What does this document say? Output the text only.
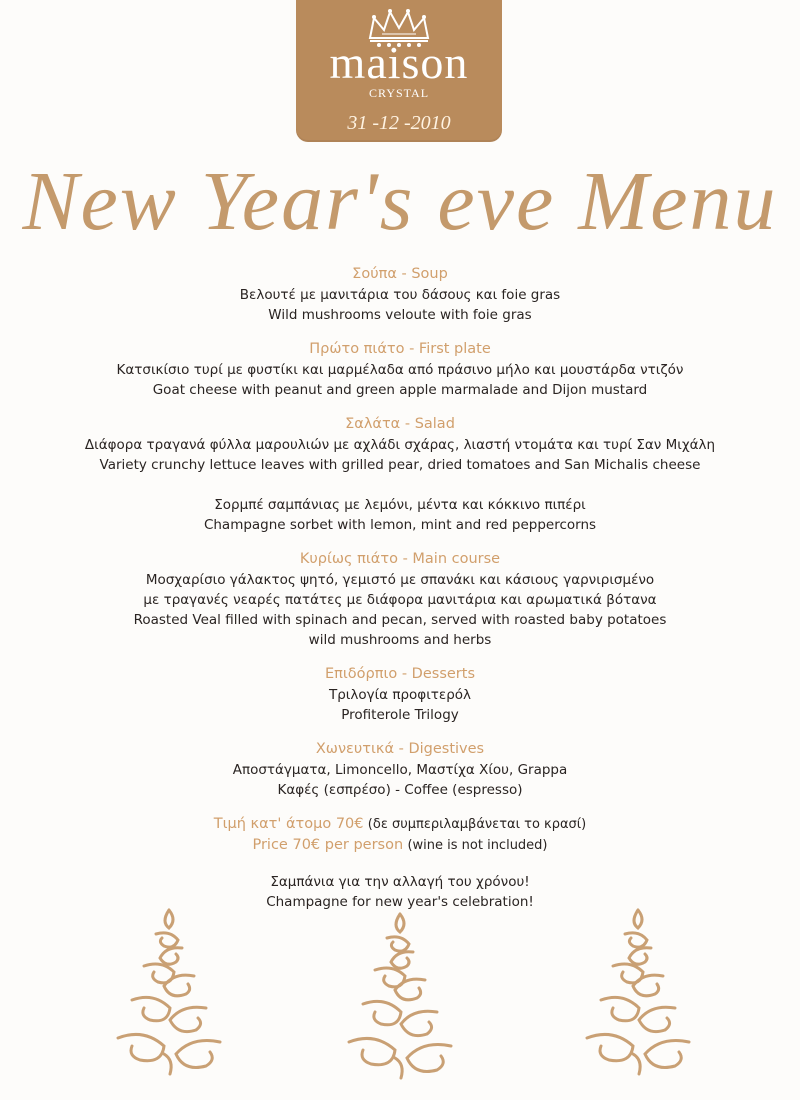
maison
CRYSTAL
31 -12 -2010
New Year's eve Menu
Σούπα - Soup
Βελουτέ με μανιτάρια του δάσους και foie gras
Wild mushrooms veloute with foie gras
Πρώτο πιάτο - First plate
Κατσικίσιο τυρί με φυστίκι και μαρμέλαδα από πράσινο μήλο και μουστάρδα ντιζόν
Goat cheese with peanut and green apple marmalade and Dijon mustard
Σαλάτα - Salad
Διάφορα τραγανά φύλλα μαρουλιών με αχλάδι σχάρας, λιαστή ντομάτα και τυρί Σαν Μιχάλη
Variety crunchy lettuce leaves with grilled pear, dried tomatoes and San Michalis cheese
Σορμπέ σαμπάνιας με λεμόνι, μέντα και κόκκινο πιπέρι
Champagne sorbet with lemon, mint and red peppercorns
Κυρίως πιάτο - Main course
Μοσχαρίσιο γάλακτος ψητό, γεμιστό με σπανάκι και κάσιους γαρνιρισμένο
με τραγανές νεαρές πατάτες με διάφορα μανιτάρια και αρωματικά βότανα
Roasted Veal filled with spinach and pecan, served with roasted baby potatoes
wild mushrooms and herbs
Επιδόρπιο - Desserts
Τριλογία προφιτερόλ
Profiterole Trilogy
Χωνευτικά - Digestives
Αποστάγματα, Limoncello, Μαστίχα Χίου, Grappa
Καφές (εσπρέσο) - Coffee (espresso)
Τιμή κατ' άτομο 70€ (δε συμπεριλαμβάνεται το κρασί)
Price 70€ per person (wine is not included)
Σαμπάνια για την αλλαγή του χρόνου!
Champagne for new year's celebration!
